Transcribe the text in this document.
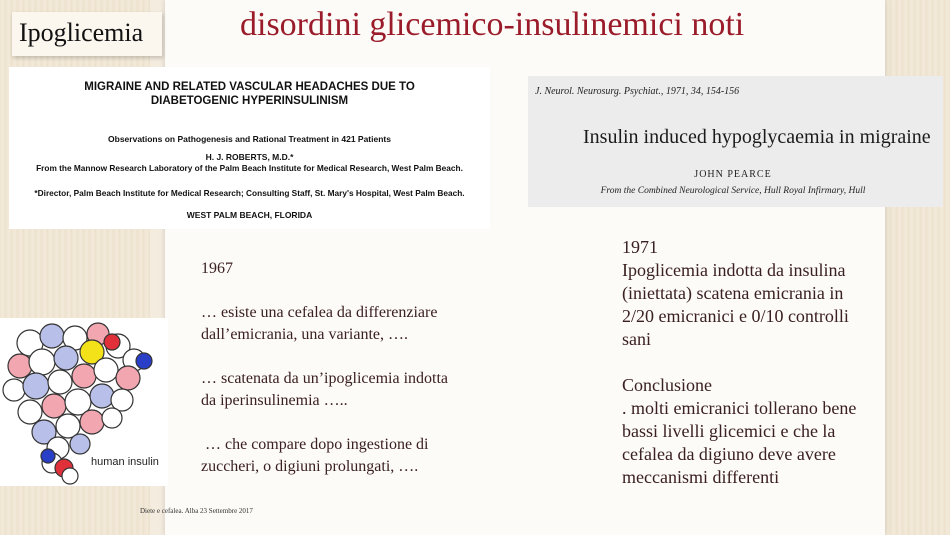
Ipoglicemia	disordini glicemico-insulinemici noti
MIGRAINE AND RELATED VASCULAR HEADACHES DUE TO
DIABETOGENIC HYPERINSULINISM
Observations on Pathogenesis and Rational Treatment in 421 Patients
H. J. ROBERTS, M.D.*
From the Mannow Research Laboratory of the Palm Beach Institute for Medical Research, West Palm Beach.
*Director, Palm Beach Institute for Medical Research; Consulting Staff, St. Mary's Hospital, West Palm Beach.
WEST PALM BEACH, FLORIDA
J. Neurol. Neurosurg. Psychiat., 1971, 34, 154-156
Insulin induced hypoglycaemia in migraine
JOHN PEARCE
From the Combined Neurological Service, Hull Royal Infirmary, Hull

1967

… esiste una cefalea da differenziare

dall’emicrania, una variante, ….

… scatenata da un’ipoglicemia indotta

da iperinsulinemia …..

… che compare dopo ingestione di

zuccheri, o digiuni prolungati, ….

1971

Ipoglicemia indotta da insulina

(iniettata) scatena emicrania in

2/20 emicranici e 0/10 controlli

sani

Conclusione

. molti emicranici tollerano bene

bassi livelli glicemici e che la

cefalea da digiuno deve avere

meccanismi differenti

human insulin
Diete e cefalea. Alba 23 Settembre 2017
